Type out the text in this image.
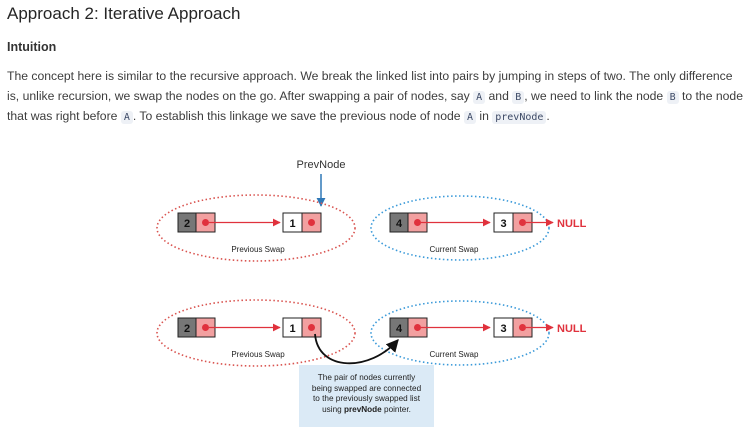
Approach 2: Iterative Approach
Intuition
The concept here is similar to the recursive approach. We break the linked list into pairs by jumping in steps of two. The only difference is, unlike recursion, we swap the nodes on the go. After swapping a pair of nodes, say A and B , we need to link the node B to the node that was right before A . To establish this linkage we save the previous node of node A in prevNode .
PrevNode
2	1
Previous Swap
4	3	NULL
Current Swap
2	1
Previous Swap
4	3	NULL
Current Swap
The pair of nodes currently
being swapped are connected
to the previously swapped list
using prevNode pointer.
